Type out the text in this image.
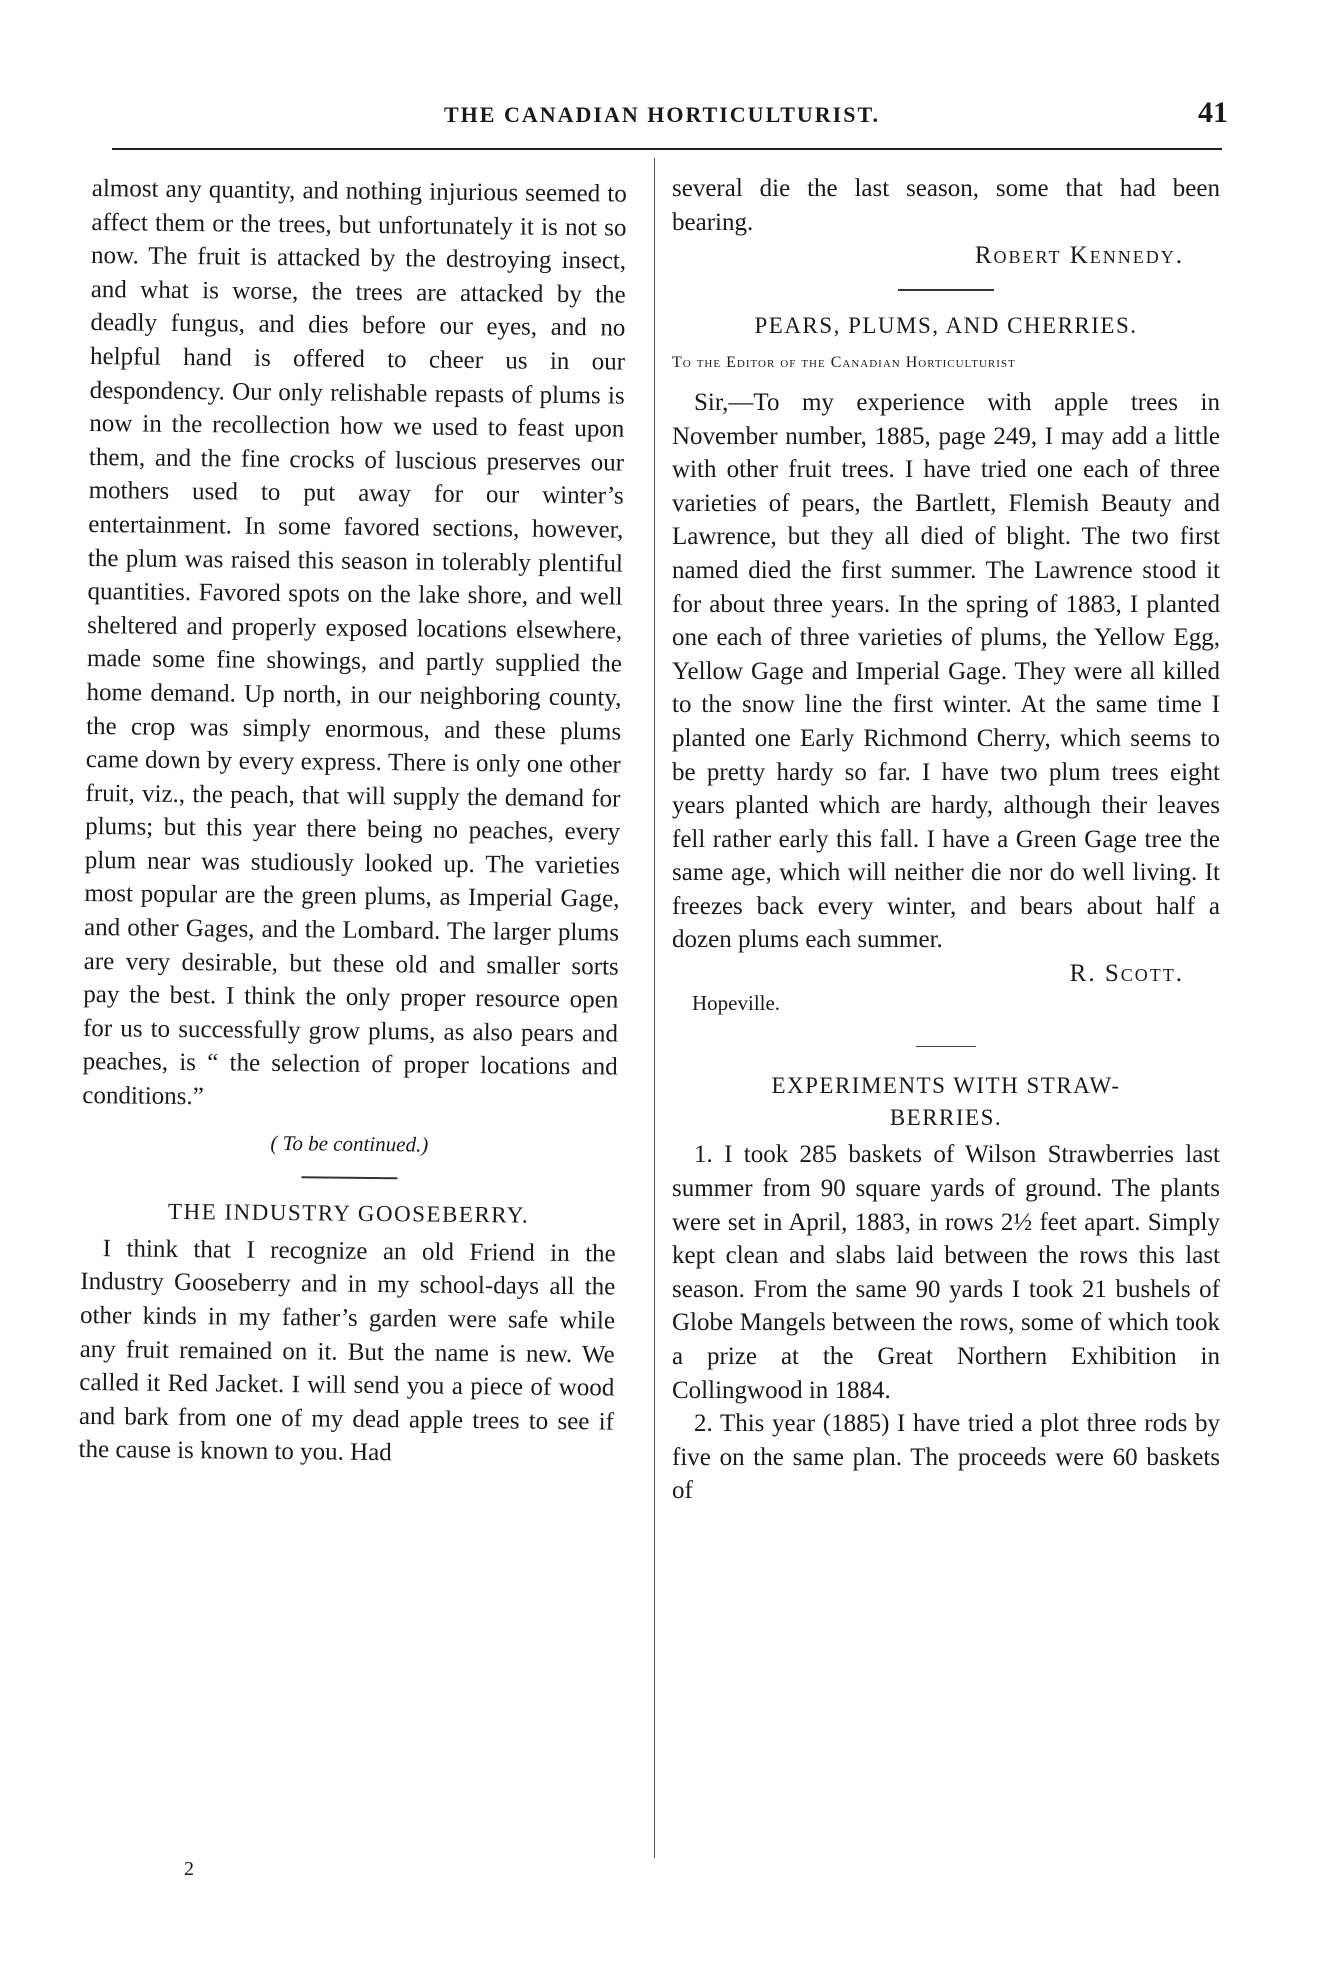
THE CANADIAN HORTICULTURIST.	41

almost any quantity, and nothing injurious seemed to affect them or the trees, but unfortunately it is not so now. The fruit is attacked by the destroying insect, and what is worse, the trees are attacked by the deadly fungus, and dies before our eyes, and no helpful hand is offered to cheer us in our despondency. Our only relishable repasts of plums is now in the recollection how we used to feast upon them, and the fine crocks of luscious preserves our mothers used to put away for our winter’s entertainment. In some favored sections, however, the plum was raised this season in tolerably plentiful quantities. Favored spots on the lake shore, and well sheltered and properly exposed locations elsewhere, made some fine showings, and partly supplied the home demand. Up north, in our neighboring county, the crop was simply enormous, and these plums came down by every express. There is only one other fruit, viz., the peach, that will supply the demand for plums; but this year there being no peaches, every plum near was studiously looked up. The varieties most popular are the green plums, as Imperial Gage, and other Gages, and the Lombard. The larger plums are very desirable, but these old and smaller sorts pay the best. I think the only proper resource open for us to successfully grow plums, as also pears and peaches, is “ the selection of proper locations and conditions.”

( To be continued.)
THE INDUSTRY GOOSEBERRY.

I think that I recognize an old Friend in the Industry Gooseberry and in my school-days all the other kinds in my father’s garden were safe while any fruit remained on it. But the name is new. We called it Red Jacket. I will send you a piece of wood and bark from one of my dead apple trees to see if the cause is known to you. Had

2

several die the last season, some that had been bearing.

Robert Kennedy.
PEARS, PLUMS, AND CHERRIES.
To the Editor of the Canadian Horticulturist

Sir,—To my experience with apple trees in November number, 1885, page 249, I may add a little with other fruit trees. I have tried one each of three varieties of pears, the Bartlett, Flemish Beauty and Lawrence, but they all died of blight. The two first named died the first summer. The Lawrence stood it for about three years. In the spring of 1883, I planted one each of three varieties of plums, the Yellow Egg, Yellow Gage and Imperial Gage. They were all killed to the snow line the first winter. At the same time I planted one Early Richmond Cherry, which seems to be pretty hardy so far. I have two plum trees eight years planted which are hardy, although their leaves fell rather early this fall. I have a Green Gage tree the same age, which will neither die nor do well living. It freezes back every winter, and bears about half a dozen plums each summer.

R. Scott.
Hopeville.
EXPERIMENTS WITH STRAW-
BERRIES.

1. I took 285 baskets of Wilson Strawberries last summer from 90 square yards of ground. The plants were set in April, 1883, in rows 2½ feet apart. Simply kept clean and slabs laid between the rows this last season. From the same 90 yards I took 21 bushels of Globe Mangels between the rows, some of which took a prize at the Great Northern Exhibition in Collingwood in 1884.

2. This year (1885) I have tried a plot three rods by five on the same plan. The proceeds were 60 baskets of
